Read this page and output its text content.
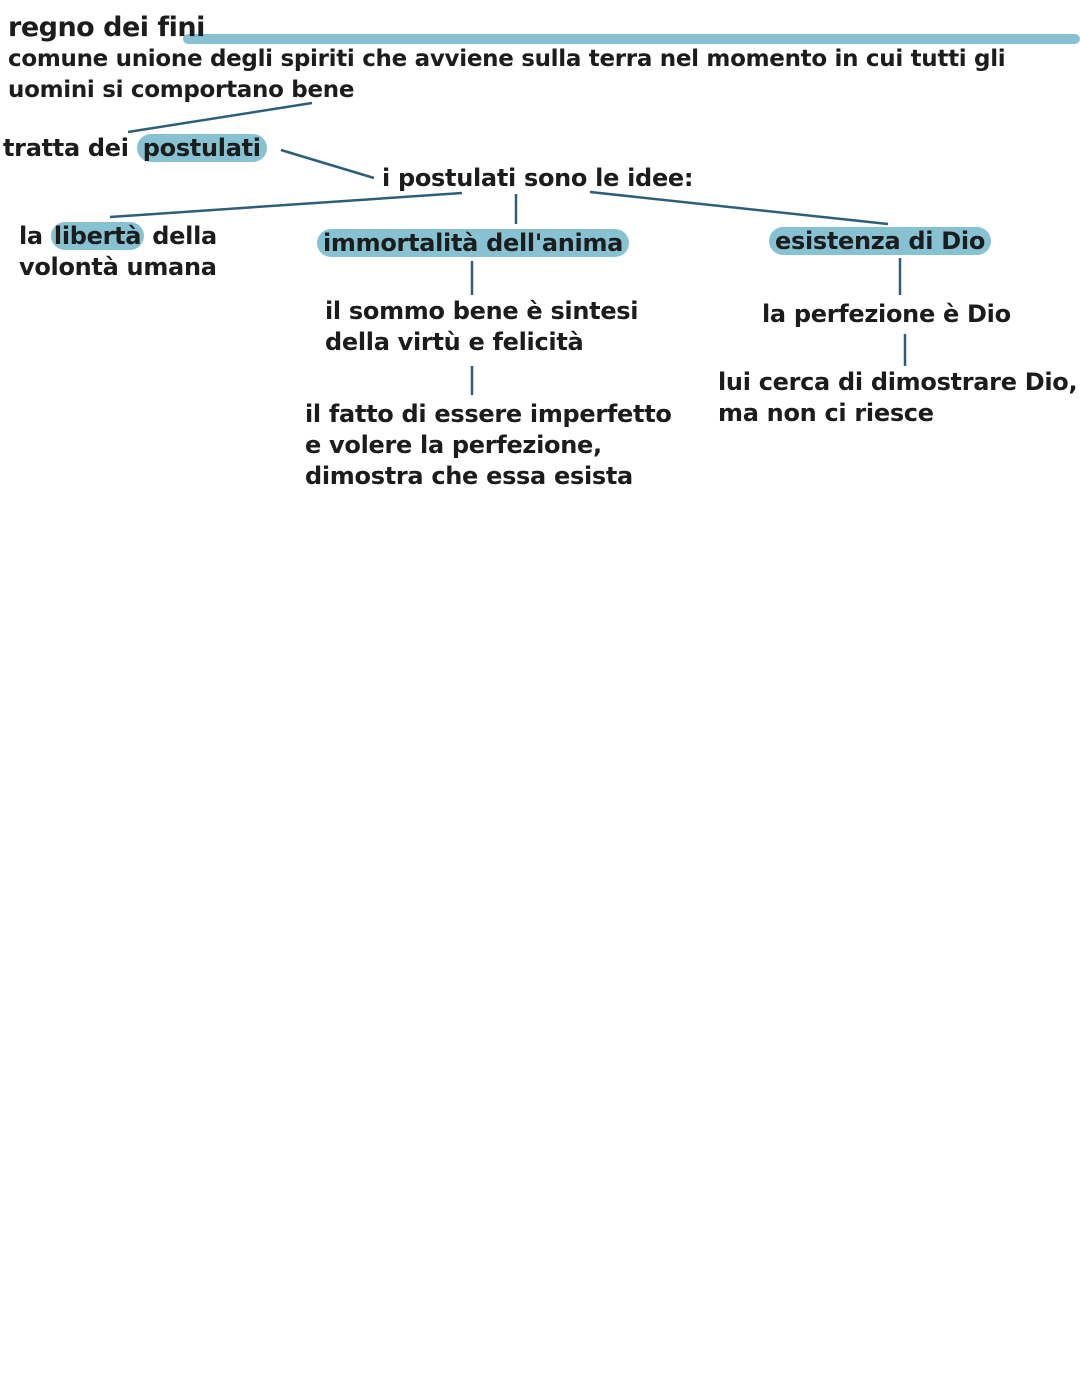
regno dei fini
comune unione degli spiriti che avviene sulla terra nel momento in cui tutti gli
uomini si comportano bene
tratta dei postulati
i postulati sono le idee:
la libertà della
volontà umana
immortalità dell'anima
il sommo bene è sintesi
della virtù e felicità
il fatto di essere imperfetto
e volere la perfezione,
dimostra che essa esista
esistenza di Dio
la perfezione è Dio
lui cerca di dimostrare Dio,
ma non ci riesce
